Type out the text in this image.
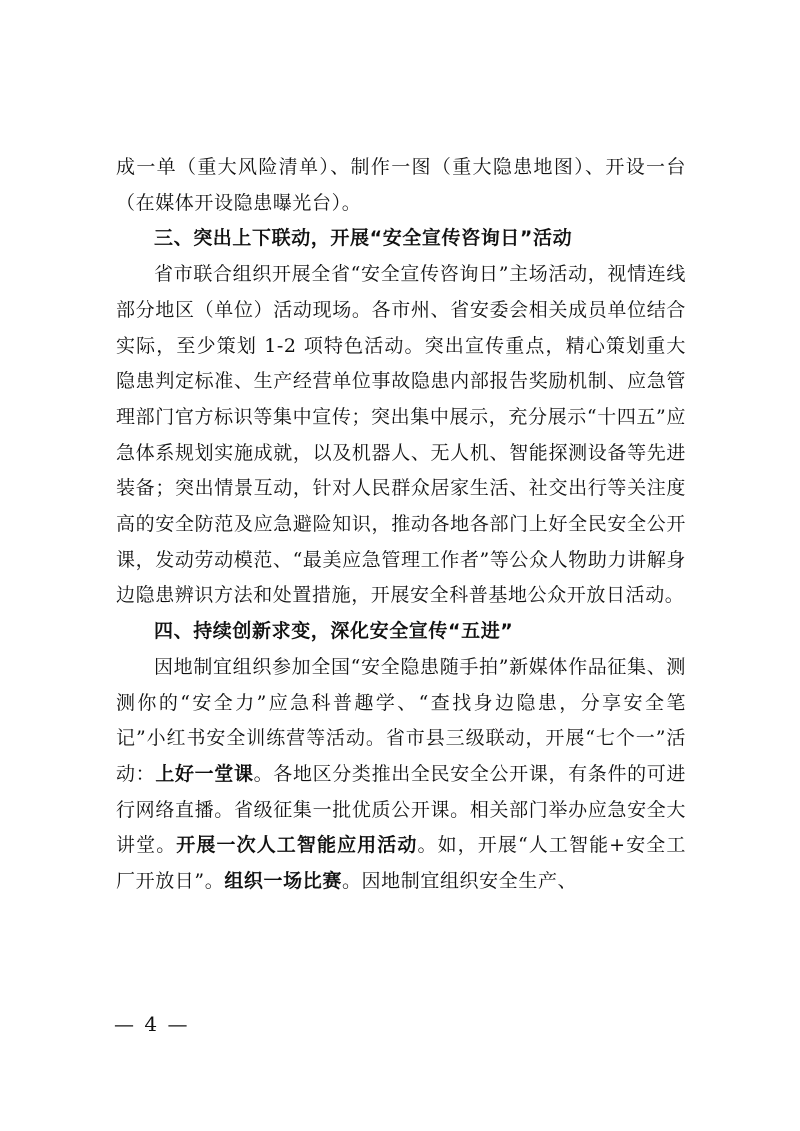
成一单（重大风险清单）、制作一图（重大隐患地图）、开设一台（在媒体开设隐患曝光台）。

三、突出上下联动，开展“安全宣传咨询日”活动

省市联合组织开展全省“安全宣传咨询日”主场活动，视情连线部分地区（单位）活动现场。各市州、省安委会相关成员单位结合实际，至少策划 1-2 项特色活动。突出宣传重点，精心策划重大隐患判定标准、生产经营单位事故隐患内部报告奖励机制、应急管理部门官方标识等集中宣传；突出集中展示，充分展示“十四五”应急体系规划实施成就，以及机器人、无人机、智能探测设备等先进装备；突出情景互动，针对人民群众居家生活、社交出行等关注度高的安全防范及应急避险知识，推动各地各部门上好全民安全公开课，发动劳动模范、“最美应急管理工作者”等公众人物助力讲解身边隐患辨识方法和处置措施，开展安全科普基地公众开放日活动。

四、持续创新求变，深化安全宣传“五进”

因地制宜组织参加全国“安全隐患随手拍”新媒体作品征集、测测你的“安全力”应急科普趣学、“查找身边隐患，分享安全笔记”小红书安全训练营等活动。省市县三级联动，开展“七个一”活动：上好一堂课。各地区分类推出全民安全公开课，有条件的可进行网络直播。省级征集一批优质公开课。相关部门举办应急安全大讲堂。开展一次人工智能应用活动。如，开展“人工智能+安全工厂开放日”。组织一场比赛。因地制宜组织安全生产、

— 4 —
